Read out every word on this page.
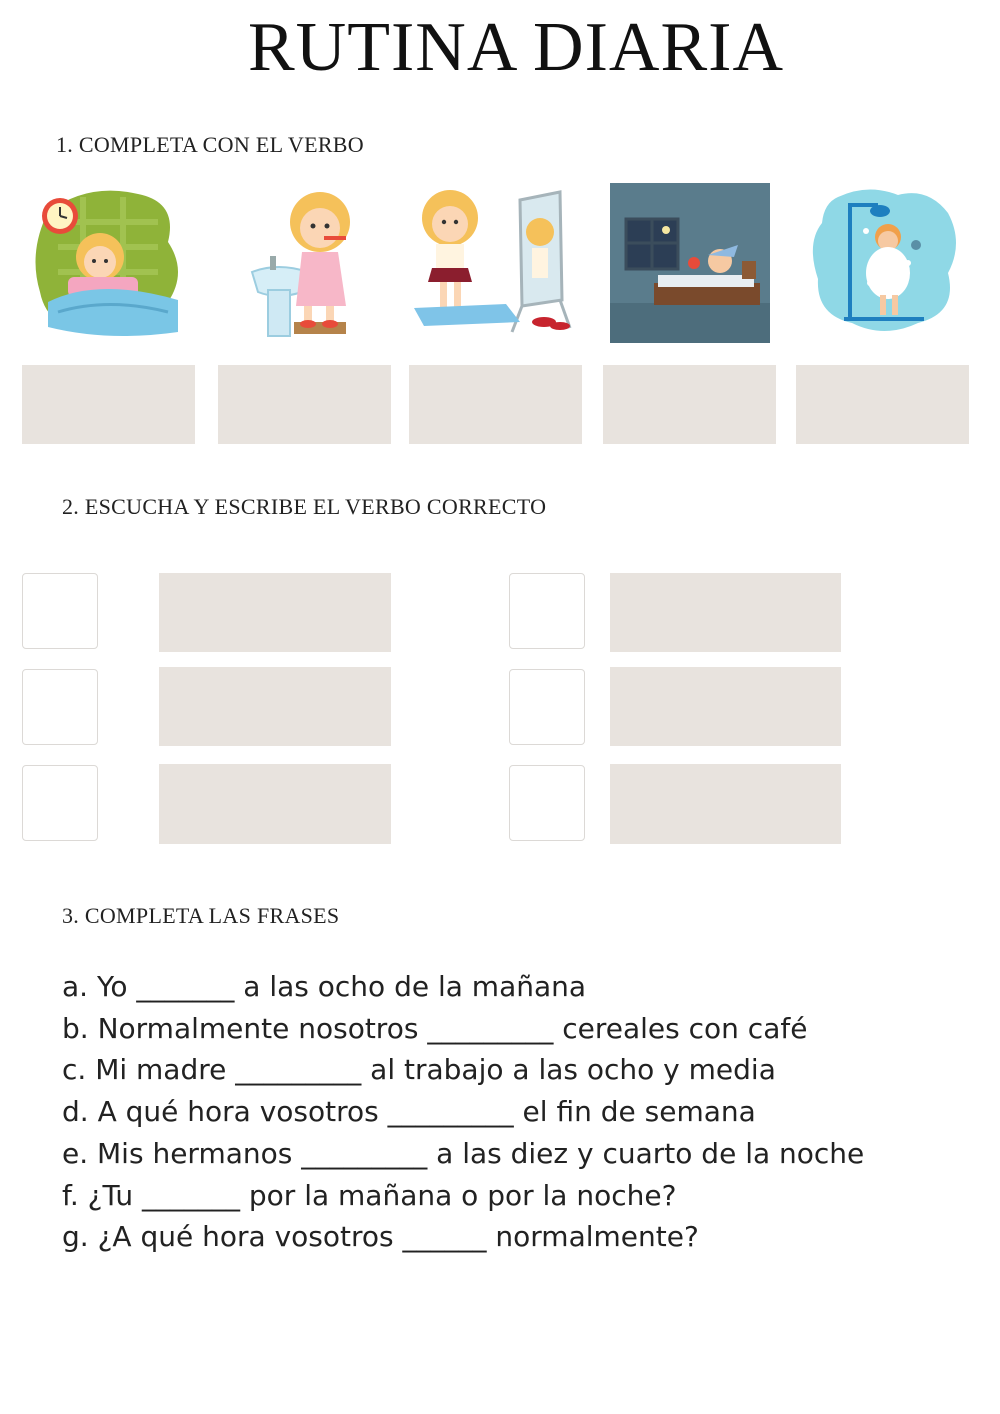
RUTINA DIARIA
1. COMPLETA CON EL VERBO
2. ESCUCHA Y ESCRIBE EL VERBO CORRECTO
3. COMPLETA LAS FRASES
a. Yo _______ a las ocho de la mañana
b. Normalmente nosotros _________ cereales con café
c. Mi madre _________ al trabajo a las ocho y media
d. A qué hora vosotros _________ el fin de semana
e. Mis hermanos _________ a las diez y cuarto de la noche
f. ¿Tu _______ por la mañana o por la noche?
g. ¿A qué hora vosotros ______ normalmente?
